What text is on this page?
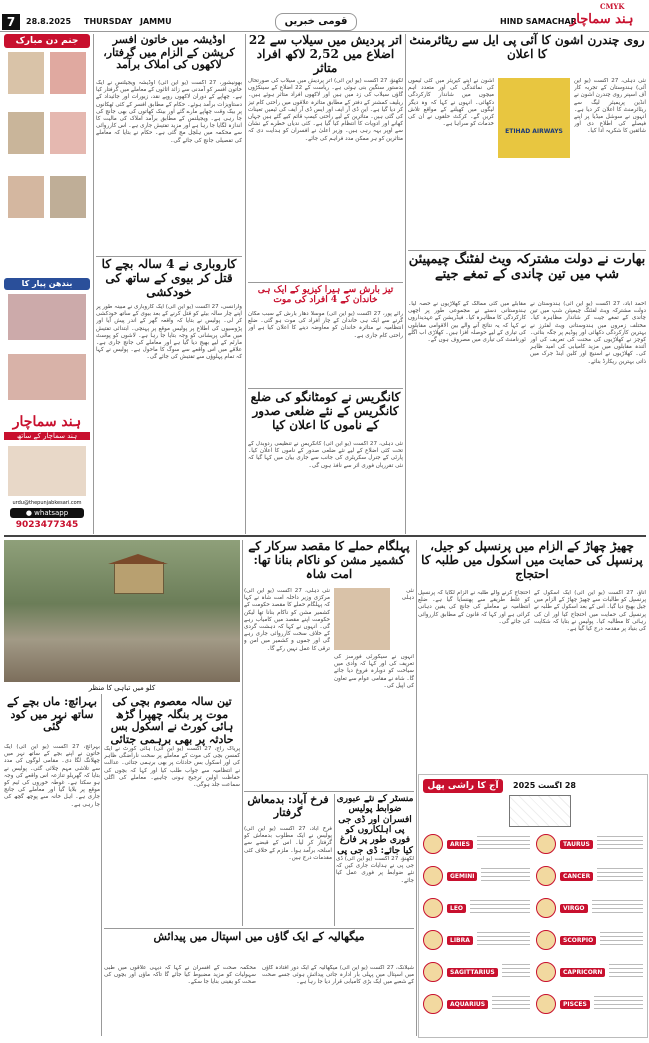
CMYK
7	28.8.2025 THURSDAY JAMMU	قومی خبریں	HIND SAMACHAR
ہند سماچار
جنم دن مبارک
بندھن پیار کا
ہند سماچار
ہند سماچار کے ساتھ
urdu@thepunjabkesari.com
● whatsapp
9023477345
اوڈیشہ میں خاتون افسر کرپشن کے الزام میں گرفتار، لاکھوں کی املاک برآمد
بھونیشور، 27 اگست (یو این آئی) اوڈیشہ ویجیلنس نے ایک خاتون افسر کو آمدنی سے زائد اثاثوں کے معاملے میں گرفتار کیا ہے۔ چھاپے کے دوران لاکھوں روپے نقد، زیورات اور جائیداد کے دستاویزات برآمد ہوئے۔ حکام کے مطابق افسر کے کئی ٹھکانوں پر بیک وقت چھاپے مارے گئے اور بینک کھاتوں کی بھی جانچ کی جا رہی ہے۔ ویجیلنس کے مطابق برآمد املاک کی مالیت کا اندازہ لگایا جا رہا ہے اور مزید تفتیش جاری ہے۔ اس کارروائی سے محکمہ میں ہلچل مچ گئی ہے۔ حکام نے بتایا کہ معاملے کی تفصیلی جانچ کی جائے گی۔
اتر پردیش میں سیلاب سے 22 اضلاع میں 2,52 لاکھ افراد متاثر
لکھنؤ، 27 اگست (یو این آئی) اتر پردیش میں سیلاب کی صورتحال بدستور سنگین بنی ہوئی ہے۔ ریاست کے 22 اضلاع کے سینکڑوں گاؤں سیلاب کی زد میں ہیں اور لاکھوں افراد متاثر ہوئے ہیں۔ ریلیف کمشنر کے دفتر کے مطابق متاثرہ علاقوں میں راحتی کام تیز کر دیا گیا ہے۔ این ڈی آر ایف اور ایس ڈی آر ایف کی ٹیمیں تعینات کی گئی ہیں۔ متاثرین کے لیے راحتی کیمپ قائم کیے گئے ہیں جہاں کھانے اور ادویات کا انتظام کیا گیا ہے۔ کئی ندیاں خطرے کے نشان سے اوپر بہہ رہی ہیں۔ وزیر اعلیٰ نے افسران کو ہدایت دی کہ متاثرین کو ہر ممکن مدد فراہم کی جائے۔
روی چندرن اشون کا آئی پی ایل سے ریٹائرمنٹ کا اعلان
ETIHAD AIRWAYS
نئی دہلی، 27 اگست (یو این آئی) ہندوستان کے تجربہ کار آف اسپنر روی چندرن اشون نے انڈین پریمیئر لیگ سے ریٹائرمنٹ کا اعلان کر دیا ہے۔ انہوں نے سوشل میڈیا پر اپنے فیصلے کی اطلاع دی اور شائقین کا شکریہ ادا کیا۔
اشون نے اپنے کیریئر میں کئی ٹیموں کی نمائندگی کی اور متعدد اہم میچوں میں شاندار کارکردگی دکھائی۔ انہوں نے کہا کہ وہ دیگر لیگوں میں کھیلنے کے مواقع تلاش کریں گے۔ کرکٹ حلقوں نے ان کی خدمات کو سراہا ہے۔
بھارت نے دولت مشترکہ ویٹ لفٹنگ چیمپیئن شپ میں تین چاندی کے تمغے جیتے
احمد آباد، 27 اگست (یو این آئی) ہندوستان نے دولت مشترکہ ویٹ لفٹنگ چیمپئن شپ میں تین چاندی کے تمغے جیت کر شاندار مظاہرہ کیا۔ مختلف زمروں میں ہندوستانی ویٹ لفٹرز نے بہترین کارکردگی دکھائی اور پوڈیم پر جگہ بنائی۔ کوچز نے کھلاڑیوں کی محنت کی تعریف کی اور آئندہ مقابلوں میں مزید کامیابی کی امید ظاہر کی۔ کھلاڑیوں نے اسنیچ اور کلین اینڈ جرک میں ذاتی بہترین ریکارڈ بنائے۔
مقابلے میں کئی ممالک کے کھلاڑیوں نے حصہ لیا۔ ہندوستانی دستے نے مجموعی طور پر اچھی کارکردگی کا مظاہرہ کیا۔ فیڈریشن کے عہدیداروں نے کہا کہ یہ نتائج آنے والے بین الاقوامی مقابلوں کی تیاری کے لیے حوصلہ افزا ہیں۔ کھلاڑی اب اگلے ٹورنامنٹ کی تیاری میں مصروف ہوں گے۔
کاروباری نے 4 سالہ بچے کا قتل کر بیوی کے ساتھ کی خودکشی
وارانسی، 27 اگست (یو این آئی) ایک کاروباری نے مبینہ طور پر اپنے چار سالہ بیٹے کو قتل کرنے کے بعد بیوی کے ساتھ خودکشی کر لی۔ پولیس نے بتایا کہ واقعہ گھر کے اندر پیش آیا اور پڑوسیوں کی اطلاع پر پولیس موقع پر پہنچی۔ ابتدائی تفتیش میں مالی پریشانی کو وجہ بتایا جا رہا ہے۔ لاشوں کو پوسٹ مارٹم کے لیے بھیج دیا گیا ہے اور معاملے کی جانچ جاری ہے۔ علاقے میں اس واقعے سے سوگ کا ماحول ہے۔ پولیس نے کہا کہ تمام پہلوؤں سے تفتیش کی جائے گی۔
تیز بارش سے ہیرا کیزیو کے ایک ہی خاندان کے 4 افراد کی موت
رائے پور، 27 اگست (یو این آئی) موسلا دھار بارش کے سبب مکان گرنے سے ایک ہی خاندان کے چار افراد کی موت ہو گئی۔ ضلع انتظامیہ نے متاثرہ خاندان کو معاوضہ دینے کا اعلان کیا ہے اور راحتی کام جاری ہے۔
کانگریس نے کومٹانگو کی ضلع کانگریس کے نئے ضلعی صدور کے ناموں کا اعلان کیا
نئی دہلی، 27 اگست (یو این آئی) کانگریس نے تنظیمی ردوبدل کے تحت کئی اضلاع کے لیے نئے ضلعی صدور کے ناموں کا اعلان کیا۔ پارٹی کے جنرل سکریٹری کی جانب سے جاری بیان میں کہا گیا کہ نئی تقرریاں فوری اثر سے نافذ ہوں گی۔
کلو میں تباہی کا منظر
پہلگام حملے کا مقصد سرکار کے کشمیر مشن کو ناکام بنانا تھا: امت شاہ
نئی دہلی
نئی دہلی، 27 اگست (یو این آئی) مرکزی وزیر داخلہ امت شاہ نے کہا کہ پہلگام حملے کا مقصد حکومت کے کشمیر مشن کو ناکام بنانا تھا لیکن حکومت اپنے مقصد میں کامیاب رہے گی۔ انہوں نے کہا کہ دہشت گردی کے خلاف سخت کارروائی جاری رہے گی اور جموں و کشمیر میں امن و ترقی کا عمل نہیں رکے گا۔
انہوں نے سیکورٹی فورسز کی تعریف کی اور کہا کہ وادی میں سیاحت کو دوبارہ فروغ دیا جائے گا۔ شاہ نے مقامی عوام سے تعاون کی اپیل کی۔
چھیڑ چھاڑ کے الزام میں پرنسپل کو جیل، پرنسپل کی حمایت میں اسکول میں طلبہ کا احتجاج
اناؤ، 27 اگست (یو این آئی) ایک اسکول کے پرنسپل کو طالبات سے چھیڑ چھاڑ کے الزام میں جیل بھیج دیا گیا۔ اس کے بعد اسکول کے طلبہ نے پرنسپل کی حمایت میں احتجاج کیا اور ان کی رہائی کا مطالبہ کیا۔ پولیس نے بتایا کہ شکایت کی بنیاد پر مقدمہ درج کیا گیا ہے۔
احتجاج کرنے والے طلبہ نے الزام لگایا کہ پرنسپل کو غلط طریقے سے پھنسایا گیا ہے۔ ضلع انتظامیہ نے معاملے کی جانچ کی یقین دہانی کرائی ہے اور کہا کہ قانون کے مطابق کارروائی کی جائے گی۔
آج کا راشی پھل	28 اگست 2025
ARIES	TAURUS
GEMINI	CANCER
LEO	VIRGO
LIBRA	SCORPIO
SAGITTARIUS	CAPRICORN
AQUARIUS	PISCES
بہرائچ: ماں بچے کے ساتھ نہر میں کود گئی
بہرائچ، 27 اگست (یو این آئی) ایک خاتون نے اپنے بچے کے ساتھ نہر میں چھلانگ لگا دی۔ مقامی لوگوں کی مدد سے تلاشی مہم چلائی گئی۔ پولیس نے بتایا کہ گھریلو تنازعہ اس واقعے کی وجہ ہو سکتا ہے۔ غوطہ خوروں کی ٹیم کو موقع پر بلایا گیا اور معاملے کی جانچ جاری ہے۔ اہل خانہ سے پوچھ گچھ کی جا رہی ہے۔
تین سالہ معصوم بچی کی موت پر بنگلہ چھپرا گڑھ ہائی کورٹ نے اسکول بس حادثہ پر بھی برہمی جتائی
پریاگ راج، 27 اگست (یو این آئی) ہائی کورٹ نے ایک کمسن بچی کی موت کے معاملے پر سخت ناراضگی ظاہر کی اور اسکول بس حادثات پر بھی برہمی جتائی۔ عدالت نے انتظامیہ سے جواب طلب کیا اور کہا کہ بچوں کی حفاظت اولین ترجیح ہونی چاہیے۔ معاملے کی اگلی سماعت جلد ہوگی۔
میگھالیہ کے ایک گاؤں میں اسپتال میں پیدائش
شیلانگ، 27 اگست (یو این آئی) میگھالیہ کے ایک دور افتادہ گاؤں میں اسپتال میں پہلی بار ادارہ جاتی پیدائش ہوئی جسے صحت کے شعبے میں ایک بڑی کامیابی قرار دیا جا رہا ہے۔
محکمہ صحت کے افسران نے کہا کہ دیہی علاقوں میں طبی سہولیات کو مزید مضبوط کیا جائے گا تاکہ ماؤں اور بچوں کی صحت کو یقینی بنایا جا سکے۔
فرخ آباد: بدمعاش گرفتار
فرخ آباد، 27 اگست (یو این آئی) پولیس نے ایک مطلوب بدمعاش کو گرفتار کر لیا۔ اس کے قبضے سے اسلحہ برآمد ہوا۔ ملزم کے خلاف کئی مقدمات درج ہیں۔
منسٹر کے نئے عبوری ضوابط پولیس افسران اور ڈی جی پی اہلکاروں کو فوری طور پر فارغ کیا جائے: ڈی جی پی
لکھنؤ، 27 اگست (یو این آئی) ڈی جی پی نے ہدایات جاری کیں کہ نئے ضوابط پر فوری عمل کیا جائے۔
